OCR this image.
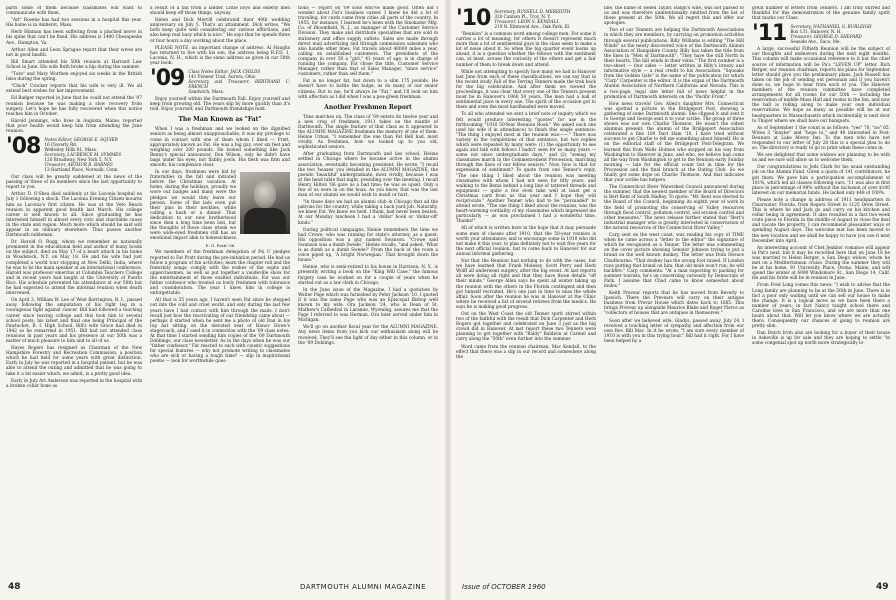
parts some of them because classmates will want to communicate with them.

"Art" Rosene has had two sessions in a hospital this year. His home is in Amherst, Mass.

Herb Hinman has been suffering from a pinched nerve in his spine that can't be fixed. His address is 1400 Chesapeake Ave., Hampton, Va.

Arthur Allen and Leon Sprague report that their wives are not in good health.

Bill Smart attended his 50th reunion at Harvard Law School in June. His wife Ruth broke a hip during the summer.

"Tute" and Mary Worthen enjoyed six weeks in the British Isles during the spring.

"Chick" Crocker reports that his wife is very ill. We all extend best wishes for her improvement.

Ed Badger reported in June that he could not attend the '07 reunion because he was making a slow recovery from surgery. Let's hope he has fully recovered when this notice reaches him in October.

Harold Jennings, who lives in Augusta, Maine, reported that poor health would keep him from attending the June reunion.

'08 Notes Editor, GEORGE E. SQUIER
16 Cloverly Rd.
Wellesley Hills 81, Mass.
Secretary, LAURENCE M. SYMMES
120 Broadway, New York 5, N.Y.
Treasurer, ARTHUR R. BARNES
13 Hartland Place, Norwalk, Conn.

Our class will be greatly saddened at the news of the passing of three of its members since the last opportunity to report to you.

Arthur D. O'Shea died suddenly at his Laconia hospital on July 1 following a shock. The Laconia Evening Citizen mourns him as Laconia's first citizen. He was at the Veto Beach reunion in apparent good health last March. His college career is well known to all. Since graduating he has interested himself in almost every civic and charitable cause in the state and region. Much more which should be said will appear in an obituary elsewhere. Thus passes another Dartmouth nobleman.

Dr. Harold O. Rugg, whom we remember as nationally prominent in the educational field and author of many books on the subject, died on May 17 of a heart attack in his home in Woodstock, N.Y. on May 18. He and his wife had just completed a world tour stopping at New Delhi, India, where he was to be the main speaker at an international conference. Harold was professor emeritus at Columbia Teachers College and in recent years had taught at the University of Puerto Rico. His schedule prevented his attendance at our 50th but he had expected to attend the informal reunion when death intervened.

On April 3, William W. Lee of West Barrington, R. I., passed away following the amputation of his right leg in a courageous fight against cancer. Bill had followed a teaching career since leaving college and this took him to several school posts, his latest and final one being Principal of the Pawtucket, R. I. High School. Bill's wife Grace had died in 1942 so he remarried in 1951. Bill had not attended class reunions in past years and his presence at our 50th was a matter of much pleasure to him and to all of us.

Hayes Rogers has resigned as Chairman of the New Hampshire Forestry and Recreation Commission, a position which he had held for some years with great distinction. Early in July he was reported in a hospital patient, but he was able to attend the outing and admitted that he was going to take it a bit easier which, we admit, is a pretty good idea.

Early in July Art Anderson was reported in the hospital with a broken collar bone as

a result of a fall from a ladder. Little boys and elderly men should keep off those things, anyway.

Helen and Dick Merrill celebrated their 40th wedding anniversary on July 5. That's an attainment. Dick writes, "We both keep quite well considering our various afflictions, and also keep real busy which is nice." He says that he spends three or four hours a day working about the place.

PLEASE NOTE, an important change of address. Al Haughs has returned to live with his son, the address being R.F.D. 1, Laconia, N. H., which is the same address as given in our 50th year book.

'09 Class Notes Editor, JACK CHILDS
141 Pioneer Trail, Aurora, Ohio
Secretary and Treasurer, BERTRAND C. FRENCH
Sandwich, Mass.

Enjoy yourself within the Dartmouth Fall. Enjoy yourself and keep from growing old. The years slip by more quickly than it's told. Enjoy yourself, and Dartmouth friendships hold.

The Man Known as "Fat"

When I was a freshman and we looked on the dignified seniors as being almost unapproachable, it was my privilege to come in contact with one of them whom I liked — Pratt, appropriately known as Fat. He was a big guy, over six feet and weighing over 200 pounds. He looked something like Jack Benny's special announcer, Don Wilson, only he didn't have bags under his eyes, nor flabby jowls. His flesh was firm and smooth, his complexion clear.

In our days, freshmen were bid by fraternities in the fall and initiated before the Christmas vacation. At home, during the holidays, proudly we wore our badges and many were the pledges we would they leave our person. Some of the lads even put their pins in their neckties, while calling a hash or a dinner. That dedication to our new brotherhood since then a long time been lost, but the thoughts of those class whom we were wide-eyed freshmen still has an emotional impact akin to homesickness.

E. G. Pratt '06

We members of the freshman delegation of Psi U pledges reported to Fat Pratt during the pre-initiation period. He had us follow a program of fun activities; learn the chapter roll and the fraternity songs; comply with the wishes of the sophs and upperclassmen, as well as put together a vaudeville show for the entertainment of those exalted individuals. Fat was our father confessor who treated us lowly freshmen with tolerance and consideration. The year I knew him in college is unforgettable.

All that is 55 years ago. I haven't seen Fat since he stepped out into the cold and cruel world, and only during the last few years have I had contact with him through the mails. I don't recall just how the reactivating of our friendship came about — perhaps it started when he sent me a photo of old Dan in his top hat sitting on the elevated seat of Hanov Howe's stagecoach, and I used it in connection with the '09 class notes. At that time I started sending him copies of the '09 Dartmouth Dobbings, our class newsletter. As in the days when he was our "father confessor," Fat reacted to such with caustic suggestions for special features — why not promote writing to classmates who are sick or having a tough time? — slip in inspirational poems — look for worthwhile ques-

tions — report on '09 sons who've made good. Often did I wonder about Fat's business career. I knew he did a lot of traveling, for cards came from cities all parts of the country. In 1955, for instance, I learned he's been with the Smokador Mfg. Co. of Bloomfield, N. J., as manager of the Customer Service Division. They make and distribute specialties that are sold in stationery and office supply outlets. Sales are made through direct mail advertising and through commission salesmen who also handle other lines. Fat travels about 40000 miles a year, calling on established customers. The presidents of the company in over 50 a "girl," 41 years of age, is in charge of running the company. Fat chose the title, Customer Service Manager, rather than that of Sales Manager, "since service" customers, rather than sell them."

Fat is no longer fat, but down to a slim 175 pounds. He doesn't have to battle the bulge, as do many of our senior citizens. But to me, he'll always be "Fat," and I'll look on him with affection as I did when I was a pea-green freshman.

Another Freshmen Report

Time marches on. The class of '09 enters its twelve year and a new crop of freshmen, 1911 takes on the mantle of Dartmouth. The single feature of that class as it appeared in the ALUMNI MAGAZINE freshmen the memory of one of them. Heinie Urban, "I remember the one than Fat Bell had, most vividly. As freshmen, how we looked up to you old, sophisticated seniors.

After graduating from Dartmouth and law school, Heinie settled in Chicago where he became active in the alumni association, eventually becoming president. He wrote, "I recall the two 'hoaxes' you detailed in the ALUMNI MAGAZINE, the pseudo 'beautiful' undergraduate, most vividly, because I was at the head table that night, presiding over the meeting. I recall Henry Hilton '06 gave us a bad time; he was so upset. Only a few of us were in on the hoax. As you know, that was the last man of our alumni we would wish to insult or hurt.

"In those days we had an alumni club in Chicago that ad the patrons for the country, while taking a back yard job. Naturally, we knew Fat. We knew we held. I think, had never been beaten. At our Monday luncheon I had a 'dollar' book or 'dollar-off' kinds."

During political campaigns, Heinie remembers the time we had Crowe, who was running for state's attorney, as a guest. His opposition was a guy named Swanson. "Crowe said Swanson was a dumb Swede." Heinie recalls, "and asked, 'What is as dumb as a dumb Swede?' From the back of the room a voice piped up, 'A bright Norwegian.' That brought down the house."

Heinie, who is semi-retired to his house in Harrison, N. Y., is presently writing a book on the "King Will Case," the famous forgery case he worked on for a couple of years when he started out as a law clerk in Chicago.

In the June issue of the Magazine, I had a quotation by Walter Page which was furnished by Peter Jackson '10. I quoted if it was the same Page who was an Episcopal Bishop well known to my wife. Ora Jackson '24, who is Dean of St. Mathew's Cathedral in Laramie, Wyoming, assures me that the Page I referred to was Herman. Ora later served under him in Michigan.

We'll go on another fiscal year for the ALUMNI MAGAZINE. Any news items from you kick our enthusiasm along will be received. They'll see the light of day either in this column, or in the '09 Doblings.

'10 Secretary, RUSSELL D. MEREDITH
320 Cannon Pl., Troy, N. Y.
Treasurer, LEON S. KENDALL
219 N. Elmwood Ave., Oak Park, Ill.

"Reunion" is a common word among college men. For some it carries a lot of meaning; for others it doesn't represent much more than a lot of sentimental guys in the class seem to make a lot of noise about it. So when the big quarter event looms up ahead, it is a question whether the fellows with the sentiment can, at least, arouse the curiosity of the others and get a fair number of them to break down and attend.

While not attempting to specify how many we had in Hanover last June from each of these classifications, we can say that in the recent study Fall of the Terring Tenners made the trek back for the big celebration. And after them we viewed the proceedings, it was clear that every one of the Tenners present must be in Hanover's 1960 50 years. The men had a ball of sentimental juice in every one. The spirit of the occasion got to them and even the most hardheaded were moved.

To all who attended we sent a brief note of inquiry which we felt would produce interesting "quotes" for use in the forthcoming "1910 50-Year Reunion Book." We asked each one (and his wife if in attendance) to finish this single sentence: "The thing I enjoyed most at the reunion was——." There was variety in the completions of that sentence, but two replies which were repeated by many were: (1) the opportunity to see again and talk with fellows I hadn't seen for so many years — some not since undergraduate days," and (2) "seeing my classmates march in the Commencement Procession, marching through the lines of our fellow seniors." Now, how is that for expression of sentiment? To quote from one Tenner's reply, "The one thing I liked about the reunion was meeting classmates with whom I had not seen for fifty years, and walking to the Bema behind a long line of tattered threads and equipment — quite a few even take well at least get a Christmas card from us this year and I hope they will reciprocate." Another Tenner who had to be "persuaded" to attend wrote, "The one thing I liked about the reunion, was the heart-warming cordiality of my classmates which impressed me particularly — as was proclaimed I had a wonderful time. Thanks!"

All of which is written here in the hope that it may persuade some men of classes after 1910, that the 50-year reunion is worth your attendance; and to encourage some in 1910 who did not make it this year, to plan definitely not to wait five years for the next official reunion, but to come back to Hanover for our annual informal gathering.

Not that the Reunion had nothing to do with the cases, but we have learned that Frank Molesey, Scott Perry and Herb Wolff all underwent surgery, after the big event. At last reports all were doing all right and that they have those details "off their minds." George Allen says he spent all winter taking up the reunion with the others in the Florida contingent and then got himself recruited. He's one just in time to miss the whole affair. Soon after the reunion he was in Hanover at the Clinic where he received a list of several retirees from the medics. He says he is making good progress.

Out on the West Coast the old Tenner spirit stirred within two of the faithful with the result that Dick Carpenter and Herb Rogers got together and celebrated on June 3 just as the big crowd did in Hanover. At last report these two Tenners were planning to get together with "Baldy" Baldwin at Carmel and carry along the "50th" even further into the summer.

Word came from the reunion chairman, Mac Kendall, to the effect that there was a slip in our record and somewhere along the

line, the name of Helen Taylor, Ralph's wife, was not passed to us and was therefore unintentionally omitted from the list of those present at the 50th. We all regret this and offer our apologies.

Two of our Tenners are helping the Dartmouth Associations in which they are members, by carrying on promotion activities through several publications. Billy Williams is editing "The Hill Winds" as the newly discovered voice of the Dartmouth Alumni Association of Hampshire County. Billy has taken the title from the lines in "Men of Dartmouth": "They have the still North in their hearts, The hill winds in their veins." The first number is a two-sheet — four sides — letter written in Billy's breezy and informative style — a real credit to his Association. "Squeaks from the Golden Gate" is the name of the publication for which "Carp" Carpenter is the editor. It is the organ of the Dartmouth Alumni Association of Northern California and Nevada. This is a two-page, legal size letter full of news helpful in the promotion of Dartmouth interests on the "Pacific Front."

How news travels! Gov. Allen's daughter Mrs. Connecticut was spotted a picture in the Bridgeport Post, showing a gathering of some Dartmouth alumni. She clipped it and sent it to George and George sent it to your scribe. The group of three shown was our own Charlie Thomson. He wasn't the oldest alumnus present; the alumni of the Bridgeport Association celebrated a fine 100 Dart Ham '10. I have tried without success to get Charlie to tell me something about himself. He is on the editorial staff of the Bridgeport Post-Telegram. We learned this from Wells Holmes who stopped on his way from Washington to Hanover in June, and who, we believe had come all the way from Washington to get to the Reunion early Sunday morning — late for the official count but in time for the Procession and the final brunch at the Outing Club. So we finally got some dope on Charlie Thomson, And that indicates that your scribe has helpers.

The Connecticut River Watershed Council announced during the summer, that the newest member of the Board of Directors is Bert Kent of South Hadley. To quote: "Mr. Kent was elected to the Board of the Council, beginning its eighth year of work in the field of promoting the conserving of Valley resources through flood control, pollution control, soil erosion control and other measures." The news release further stated that "Bert's industrial manager who is greatly interested in conservation of the natural resources of the Connecticut River Valley."

Carp sent on the west coast, was reading his copy of TIME when he came across a "letter to the editor" the signature of which he recognized as a Tenner. The letter was commenting on the cover picture showing Senator Johnson trying to put a brand on the well known donkey. The letter was from Horace Chadbourne: "That donkey has the wrong foot raised. If London runs putting that brand on him, that old mule won't run; he will backfire." Carp comments: "At a man expecting to packing for summer tourists, he's on concerning variously by Democrats of Park. I assume that Chad came to know somewhat about mules."

Keith Prevear reports that he has moved from Beverly to Ipswich. There the Prevears will carry on their antique business from Prevar House which dates back to 1685. This brings Prevear up alongside Maurice Blake and Roger Pierce as "collectors of houses that are antiques in themselves."

Soon after we believed wife, Gladys, passed away, July 24, I received a touching letter of sympathy and affection from our own Rev. Bill Mac. In it he wrote, "I am sure every member of 1910 is with you in this trying hour." Bill had it right. For I have been helped by a

great number of letters from Tenners. I am truly stirred and thankful for this demonstration of the genuine family spirit that marks our Class.

'11 Secretary, NATHANIEL G. BURLEIGH
Box 131, Hanover, N. H.
Treasurer, GEORGE D. SHEPARD
Seaside Ave., Saco, Me.

A large, successful Fiftieth Reunion will be the subject of our thoughts and endeavors during the next eight months. This column will make occasional reference to it but the chief source of information will be Pa's "LEVEN UP" letter. Rich Berger, our reunion chairman, reports his plans for September letter should give you the preliminary plans. Jack Russell has taken on the job of sending out personals and if you haven't done so, we hope to hear from each of you. The Hanover members of the reunion committee have completed arrangements for all rooms for our 50th — including the reservation of middle Mass Hall and rooms in the Inn, and now the ball is rolling along to make your own individual reservations. We hope as many as possible will be at our headquarters in Massachusetts which incidentally is next door to Thayer where we shall have our banquets.

As of September 1 the count is as follows: "yes" 70, "no" 65. Wives 3 "maybe" and "hope to," and 48 interested in Post-Reunion at Lake Morey Inn. To the men who have not responded to our letter of July 28 this is a special plea to do so. The directory is ready to go to print when these come in.

We are delighted that some widows are planning to be with us and we sure will allow us to welcome them.

Our congratulations to Jeds Clark for his usual outstanding job on the Alumni Fund. Given a quota of 141 contributors, he got them. We gave him a participation accomplishment of 101%, which led all classes following ours. '11 was also in first place in percentage of 98% without the inclusion of over $100 interest on our memorial funds. He lacked only $48 of 100%.

Please note a change in address of 1911 headquarters in Clearwater, Florida, from Rogers Street to 1125 Drew Street. This is where he and Jack go and carry on his kitchen and cellar being in agreement. It also resulted in a fast two-week crate piece to Florida in the middle of August to close the deal and vacate the property. I can recommend pleasanter ways of spending August days. The welcome mat has been moved to the new location and we shall be happy to have you use it next December into April.

An interesting account of Chet Jenkins' romance will appear in Pat's next, but it may be recorded here that on June 18 he was married to Helen Berger, a San Diego widow, whom he met on a Mediterranean cruise. During the summer they will be at his home, 91 University Place, Orono, Maine, and will spend the winter at 6090 Windsmore St., San Diego 14, Calif. He and his bride will be in reunion in June.

From Fred Long comes this news: "I wish to advise that the Long family are planning to be at the 50th in June. There is in fact a poor only waiting until we can sell our house to make the change. It is a logical move as we have been there a number of years; in fact Nancy taught school there and Caroline lives in San Francisco, and we are more than one hours about that. Will let you know where we are actually there. Consequently our chances of going to reunion are pretty slim.

Dan Dutch Irvin also are looking for a buyer of their house in Asheville is up for sale and they are hoping to settle "in some congenial spot up north more strategically lo-

48	DARTMOUTH ALUMNI MAGAZINE	Issue of OCTOBER 1960	49
